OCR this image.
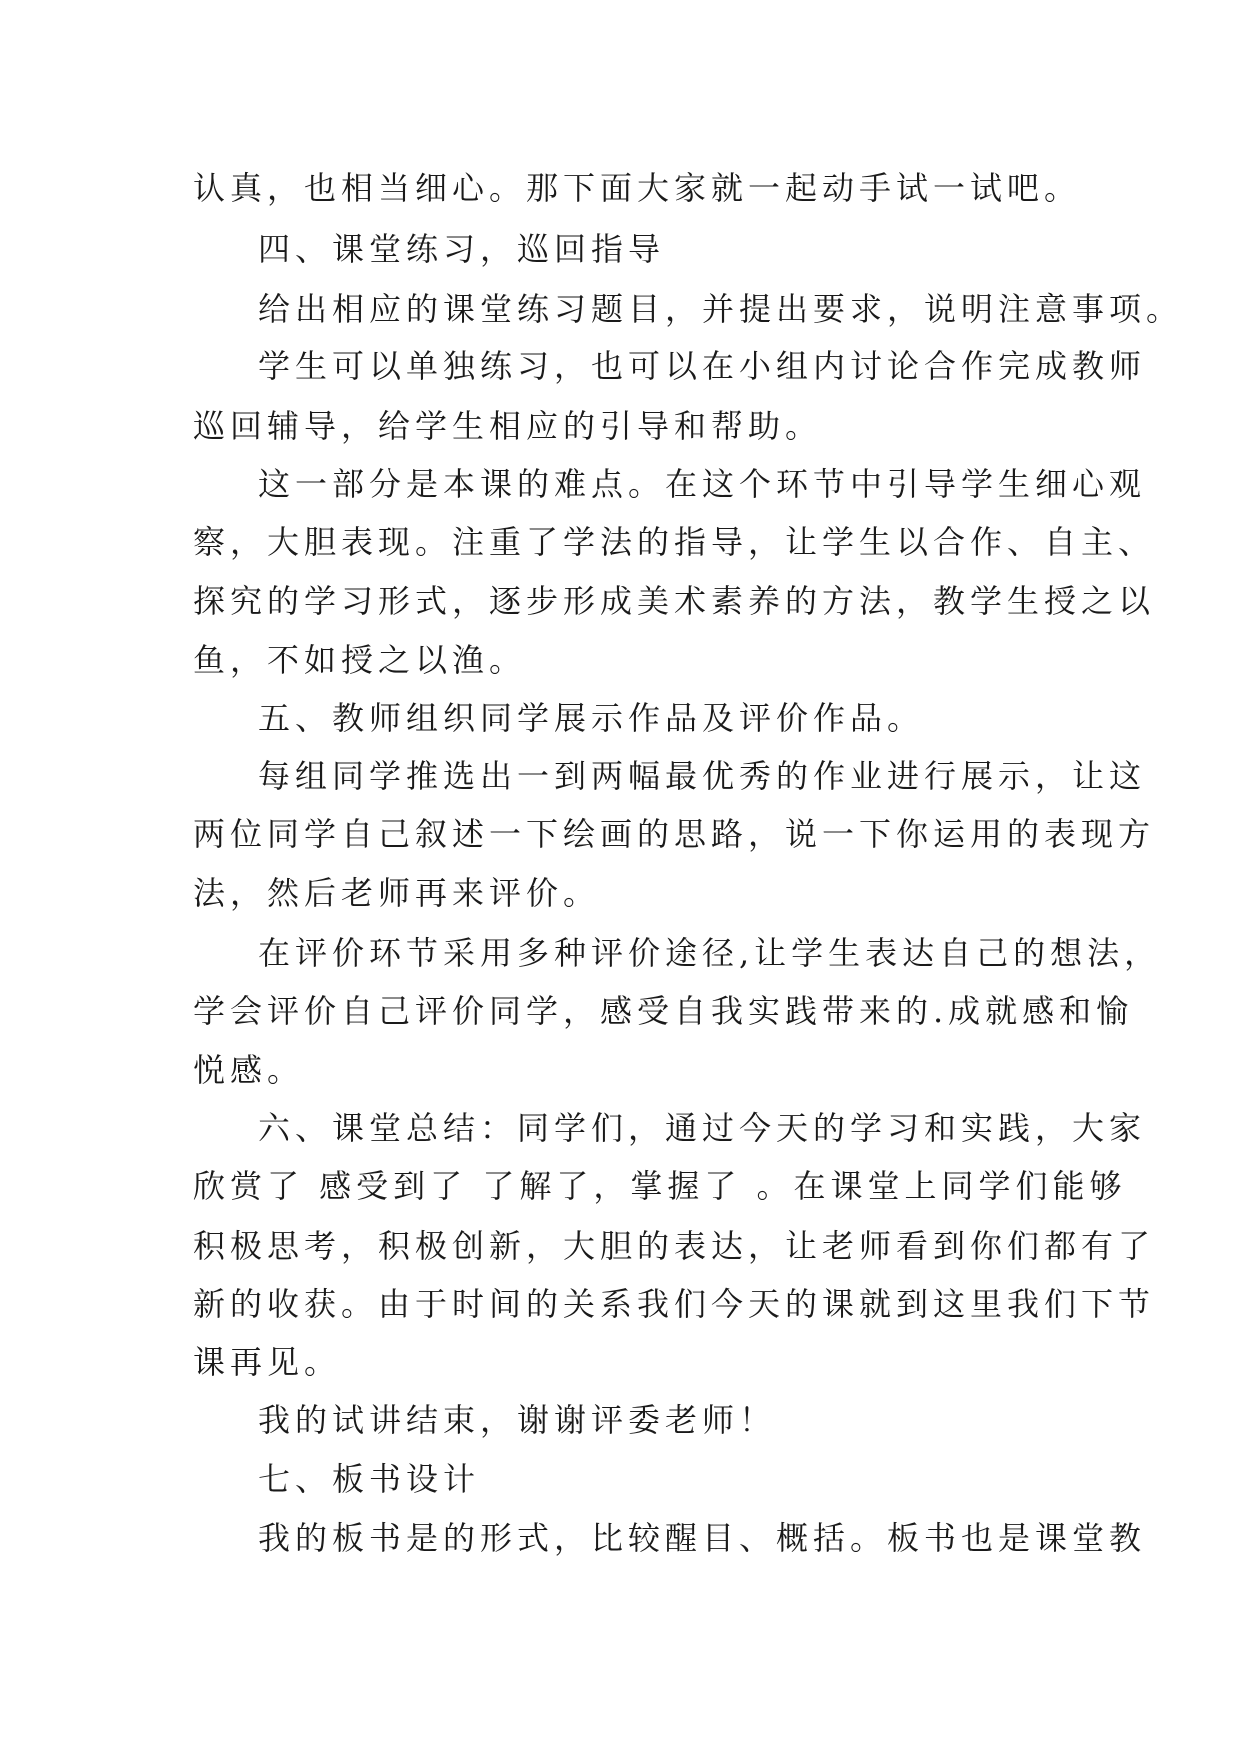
认真，也相当细心。那下面大家就一起动手试一试吧。

四、课堂练习，巡回指导

给出相应的课堂练习题目，并提出要求，说明注意事项。

学生可以单独练习，也可以在小组内讨论合作完成教师

巡回辅导，给学生相应的引导和帮助。

这一部分是本课的难点。在这个环节中引导学生细心观

察，大胆表现。注重了学法的指导，让学生以合作、自主、

探究的学习形式，逐步形成美术素养的方法，教学生授之以

鱼，不如授之以渔。

五、教师组织同学展示作品及评价作品。

每组同学推选出一到两幅最优秀的作业进行展示，让这

两位同学自己叙述一下绘画的思路，说一下你运用的表现方

法，然后老师再来评价。

在评价环节采用多种评价途径,让学生表达自己的想法，

学会评价自己评价同学，感受自我实践带来的.成就感和愉

悦感。

六、课堂总结：同学们，通过今天的学习和实践，大家

欣赏了 感受到了 了解了，掌握了 。在课堂上同学们能够

积极思考，积极创新，大胆的表达，让老师看到你们都有了

新的收获。由于时间的关系我们今天的课就到这里我们下节

课再见。

我的试讲结束，谢谢评委老师！

七、板书设计

我的板书是的形式，比较醒目、概括。板书也是课堂教
